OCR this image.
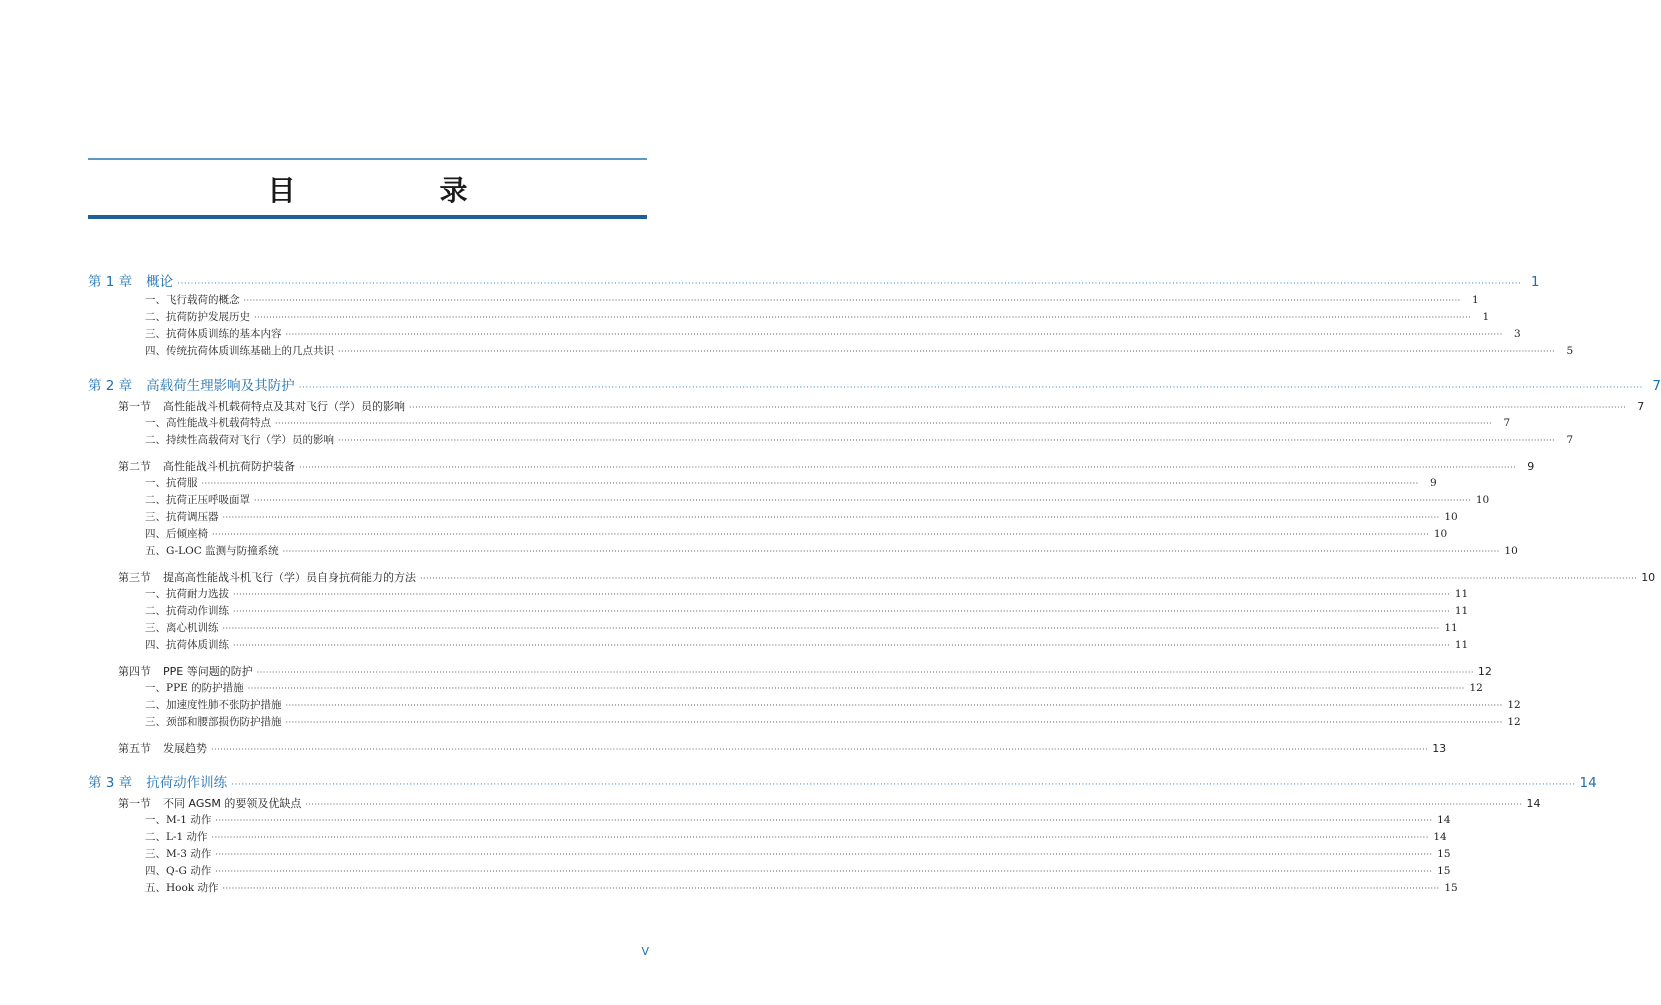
目　录
第 1 章 概论 ················································································································································································································································································································································································································ 1
一、飞行载荷的概念 ················································································································································································································································································································································································································	1
二、抗荷防护发展历史 ················································································································································································································································································································································································································	1
三、抗荷体质训练的基本内容 ················································································································································································································································································································································································································	3
四、传统抗荷体质训练基础上的几点共识 ················································································································································································································································································································································································································	5
第 2 章 高载荷生理影响及其防护 ················································································································································································································································································································································································································ 7
第一节 高性能战斗机载荷特点及其对飞行（学）员的影响 ················································································································································································································································································································································································································	7
一、高性能战斗机载荷特点 ················································································································································································································································································································································································································	7
二、持续性高载荷对飞行（学）员的影响 ················································································································································································································································································································································································································	7
第二节 高性能战斗机抗荷防护装备 ················································································································································································································································································································································································································	9
一、抗荷服 ················································································································································································································································································································································································································	9
二、抗荷正压呼吸面罩 ················································································································································································································································································································································································································ 10
三、抗荷调压器 ················································································································································································································································································································································································································ 10
四、后倾座椅 ················································································································································································································································································································································································································ 10
五、G-LOC 监测与防撞系统 ················································································································································································································································································································································································································ 10
第三节 提高高性能战斗机飞行（学）员自身抗荷能力的方法 ················································································································································································································································································································································································································ 10
一、抗荷耐力选拔 ················································································································································································································································································································································································································ 11
二、抗荷动作训练 ················································································································································································································································································································································································································ 11
三、离心机训练 ················································································································································································································································································································································································································ 11
四、抗荷体质训练 ················································································································································································································································································································································································································ 11
第四节 PPE 等问题的防护 ················································································································································································································································································································································································································ 12
一、PPE 的防护措施 ················································································································································································································································································································································································································ 12
二、加速度性肺不张防护措施 ················································································································································································································································································································································································································ 12
三、颈部和腰部损伤防护措施 ················································································································································································································································································································································································································ 12
第五节 发展趋势 ················································································································································································································································································································································································································ 13
第 3 章 抗荷动作训练 ················································································································································································································································································································································································································ 14
第一节 不同 AGSM 的要领及优缺点 ················································································································································································································································································································································································································ 14
一、M-1 动作 ················································································································································································································································································································································································································ 14
二、L-1 动作 ················································································································································································································································································································································································································ 14
三、M-3 动作 ················································································································································································································································································································································································································ 15
四、Q-G 动作 ················································································································································································································································································································································································································ 15
五、Hook 动作 ················································································································································································································································································································································································································ 15
V
